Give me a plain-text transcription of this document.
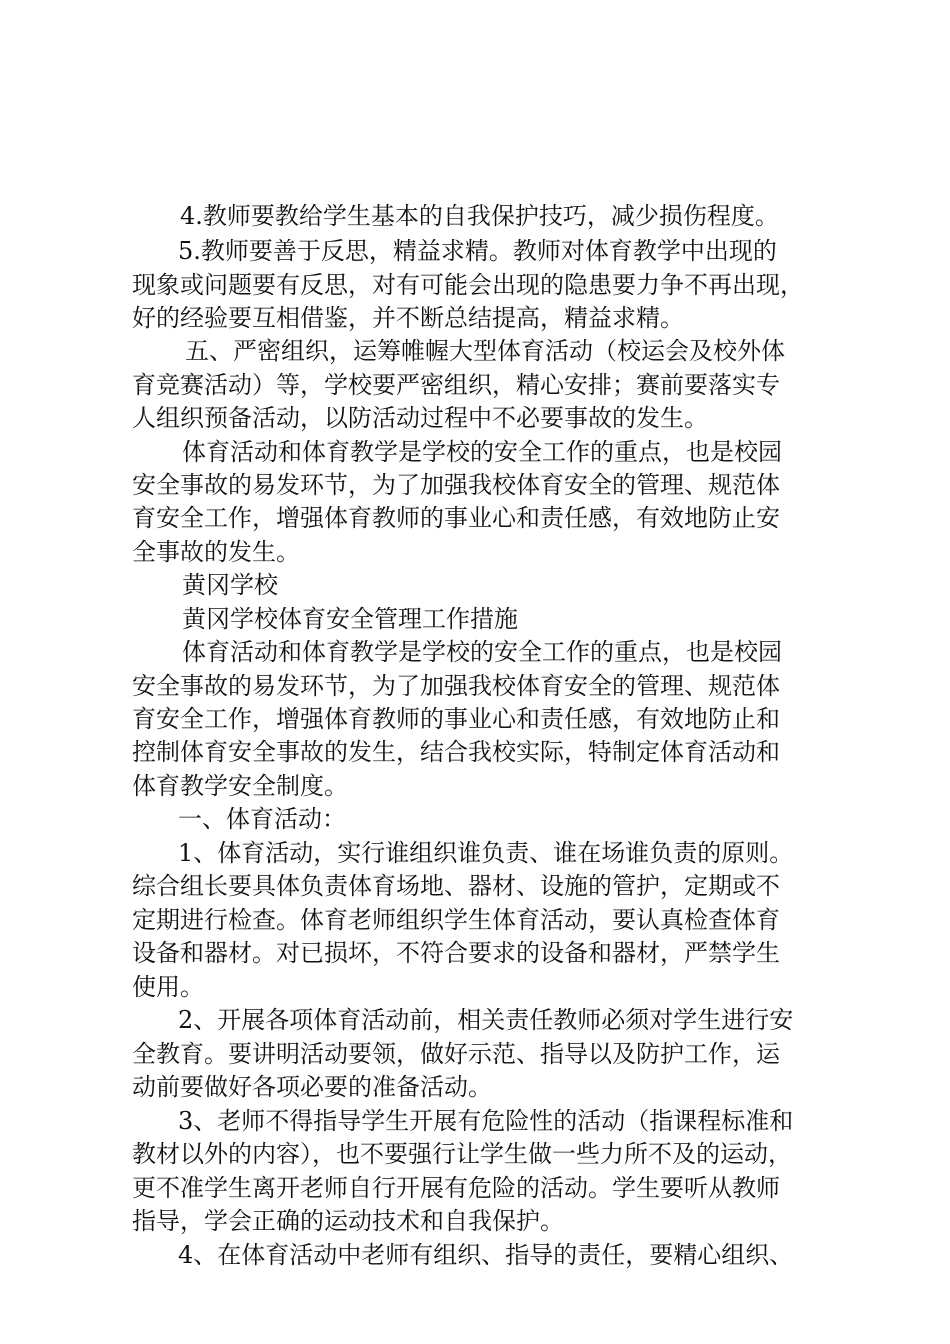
4.教师要教给学生基本的自我保护技巧，减少损伤程度。
5.教师要善于反思，精益求精。教师对体育教学中出现的
现象或问题要有反思，对有可能会出现的隐患要力争不再出现，
好的经验要互相借鉴，并不断总结提高，精益求精。
五、严密组织，运筹帷幄大型体育活动（校运会及校外体
育竞赛活动）等，学校要严密组织，精心安排；赛前要落实专
人组织预备活动，以防活动过程中不必要事故的发生。
体育活动和体育教学是学校的安全工作的重点，也是校园
安全事故的易发环节，为了加强我校体育安全的管理、规范体
育安全工作，增强体育教师的事业心和责任感，有效地防止安
全事故的发生。
黄冈学校
黄冈学校体育安全管理工作措施
体育活动和体育教学是学校的安全工作的重点，也是校园
安全事故的易发环节，为了加强我校体育安全的管理、规范体
育安全工作，增强体育教师的事业心和责任感，有效地防止和
控制体育安全事故的发生，结合我校实际，特制定体育活动和
体育教学安全制度。
一、体育活动：
1、体育活动，实行谁组织谁负责、谁在场谁负责的原则。
综合组长要具体负责体育场地、器材、设施的管护，定期或不
定期进行检查。体育老师组织学生体育活动，要认真检查体育
设备和器材。对已损坏，不符合要求的设备和器材，严禁学生
使用。
2、开展各项体育活动前，相关责任教师必须对学生进行安
全教育。要讲明活动要领，做好示范、指导以及防护工作，运
动前要做好各项必要的准备活动。
3、老师不得指导学生开展有危险性的活动（指课程标准和
教材以外的内容），也不要强行让学生做一些力所不及的运动，
更不准学生离开老师自行开展有危险的活动。学生要听从教师
指导，学会正确的运动技术和自我保护。
4、在体育活动中老师有组织、指导的责任，要精心组织、
